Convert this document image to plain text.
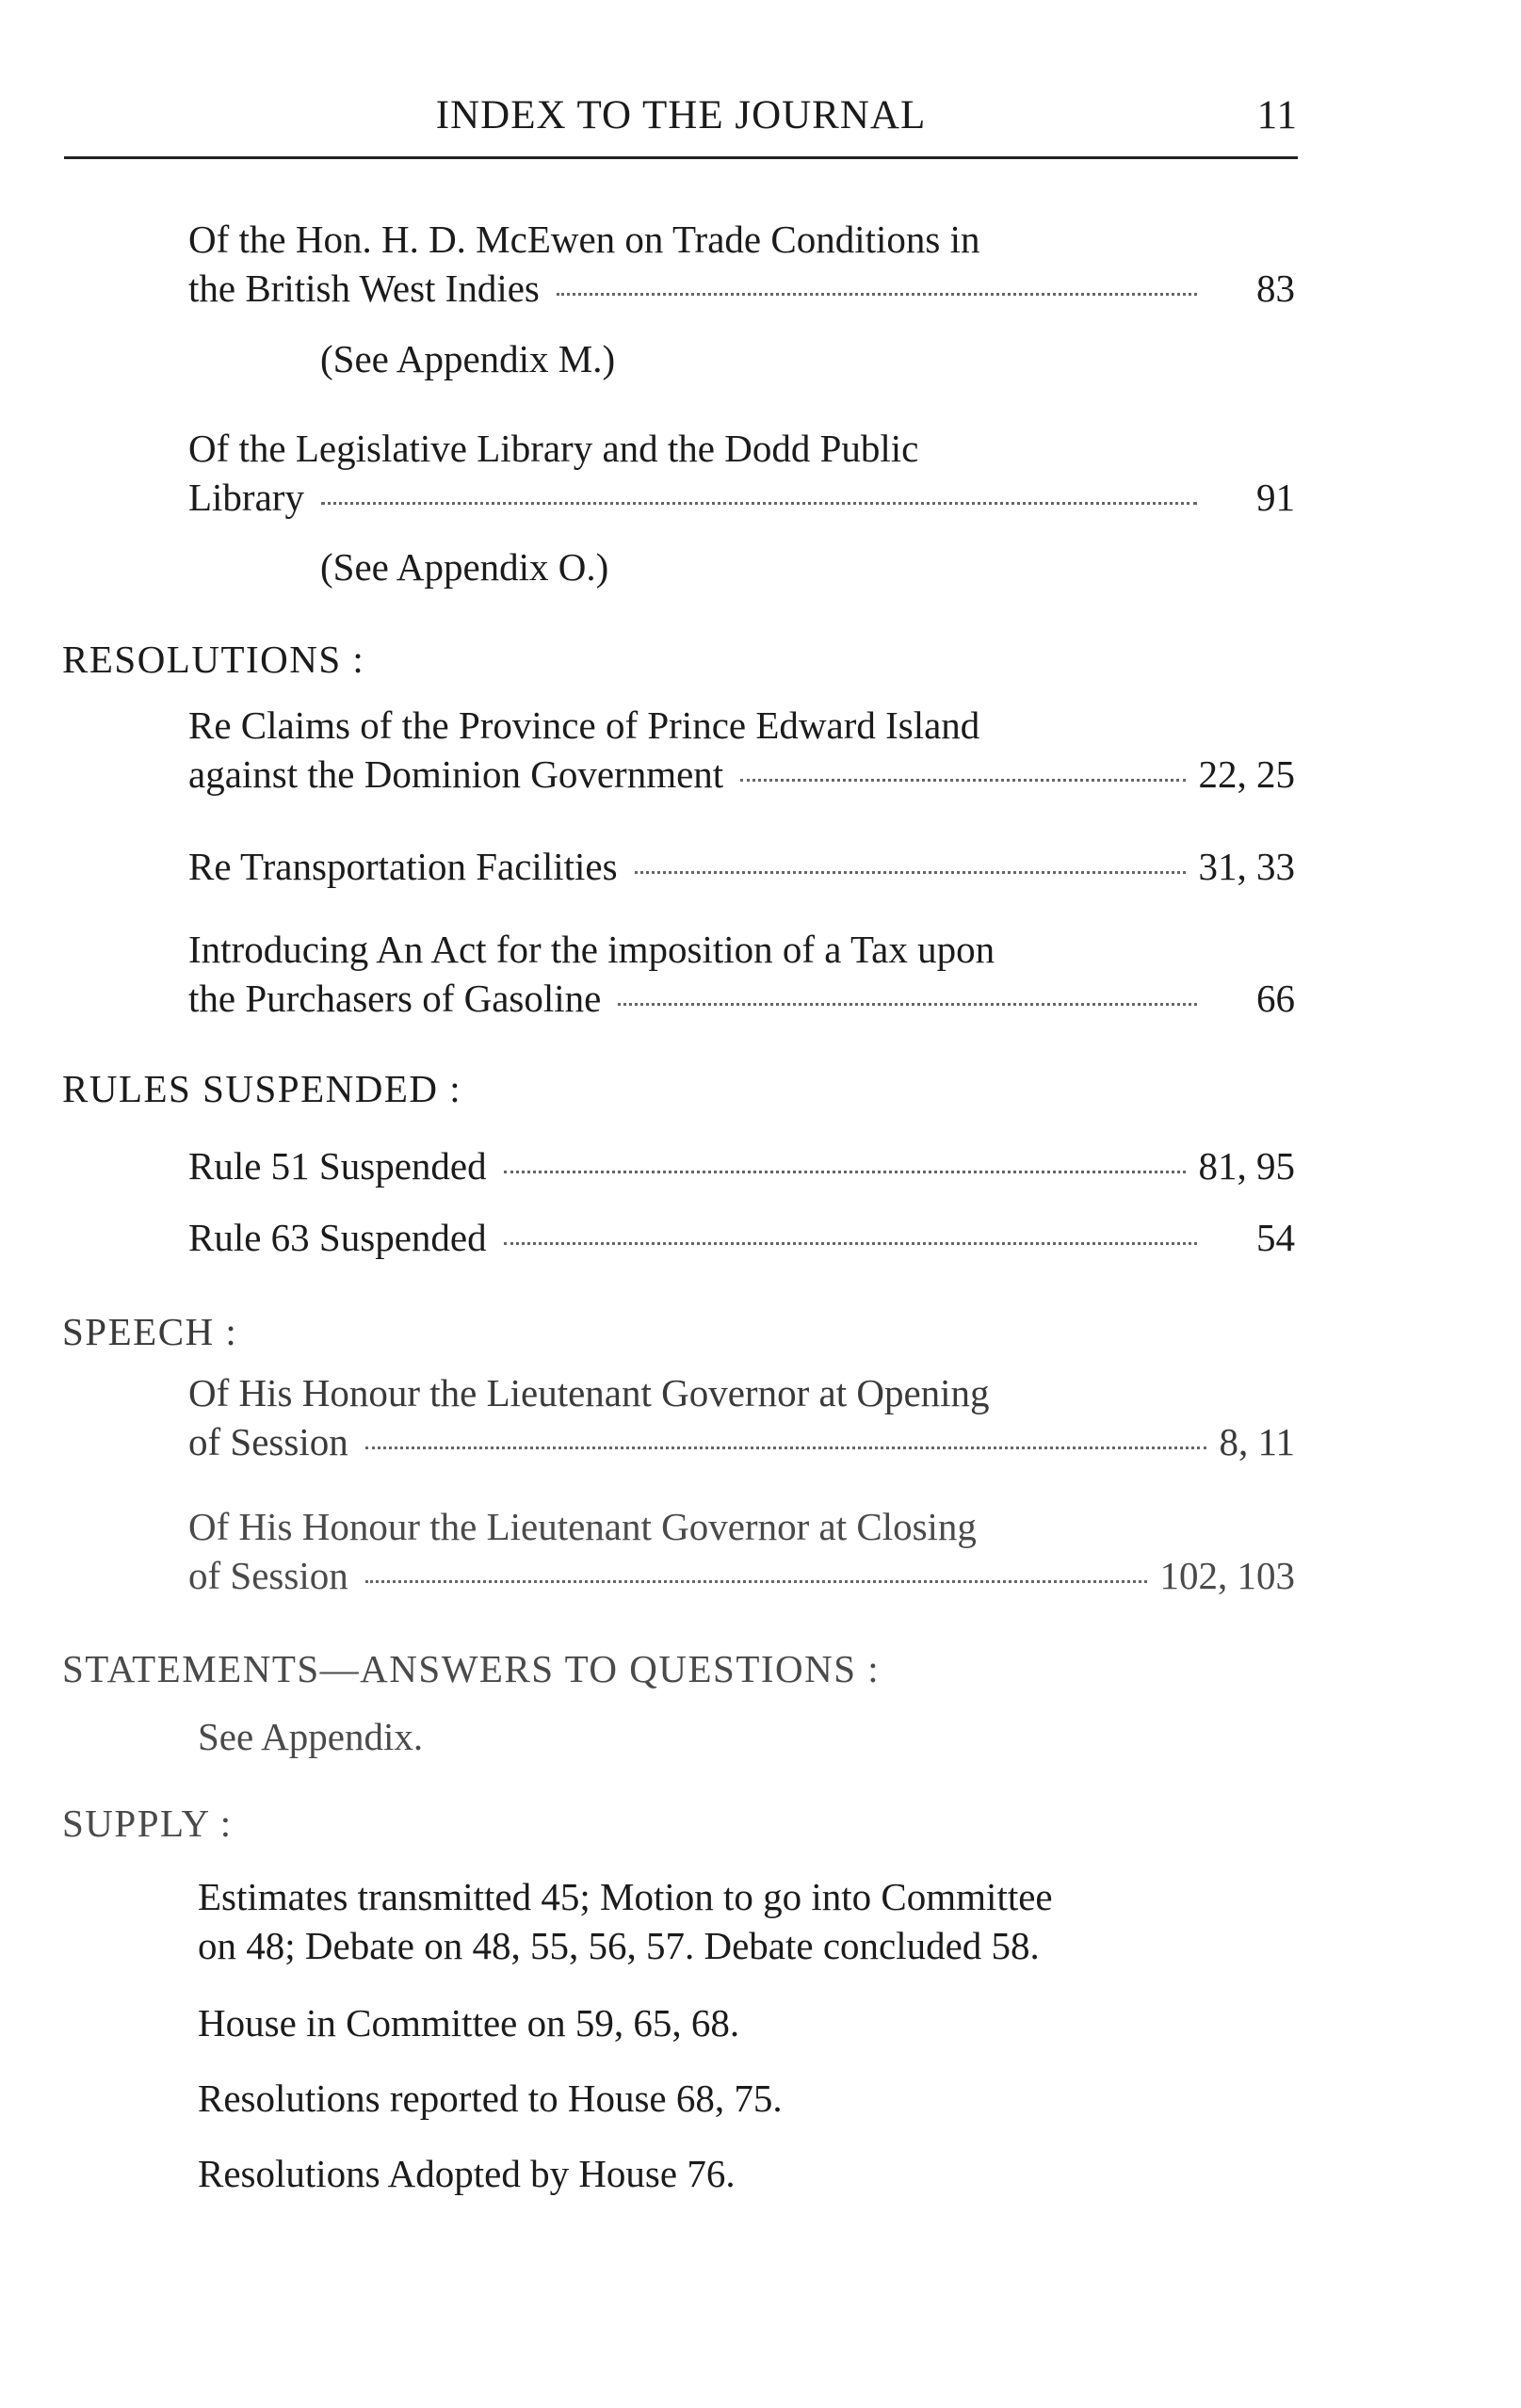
INDEX TO THE JOURNAL	11
Of the Hon. H. D. McEwen on Trade Conditions in
the British West Indies	83
(See Appendix M.)
Of the Legislative Library and the Dodd Public
Library	91
(See Appendix O.)
RESOLUTIONS :
Re Claims of the Province of Prince Edward Island
against the Dominion Government	22, 25
Re Transportation Facilities	31, 33
Introducing An Act for the imposition of a Tax upon
the Purchasers of Gasoline	66
RULES SUSPENDED :
Rule 51 Suspended	81, 95
Rule 63 Suspended	54
SPEECH :
Of His Honour the Lieutenant Governor at Opening
of Session	8, 11
Of His Honour the Lieutenant Governor at Closing
of Session	102, 103
STATEMENTS—ANSWERS TO QUESTIONS :
See Appendix.
SUPPLY :
Estimates transmitted 45; Motion to go into Committee
on 48; Debate on 48, 55, 56, 57. Debate concluded 58.
House in Committee on 59, 65, 68.
Resolutions reported to House 68, 75.
Resolutions Adopted by House 76.
